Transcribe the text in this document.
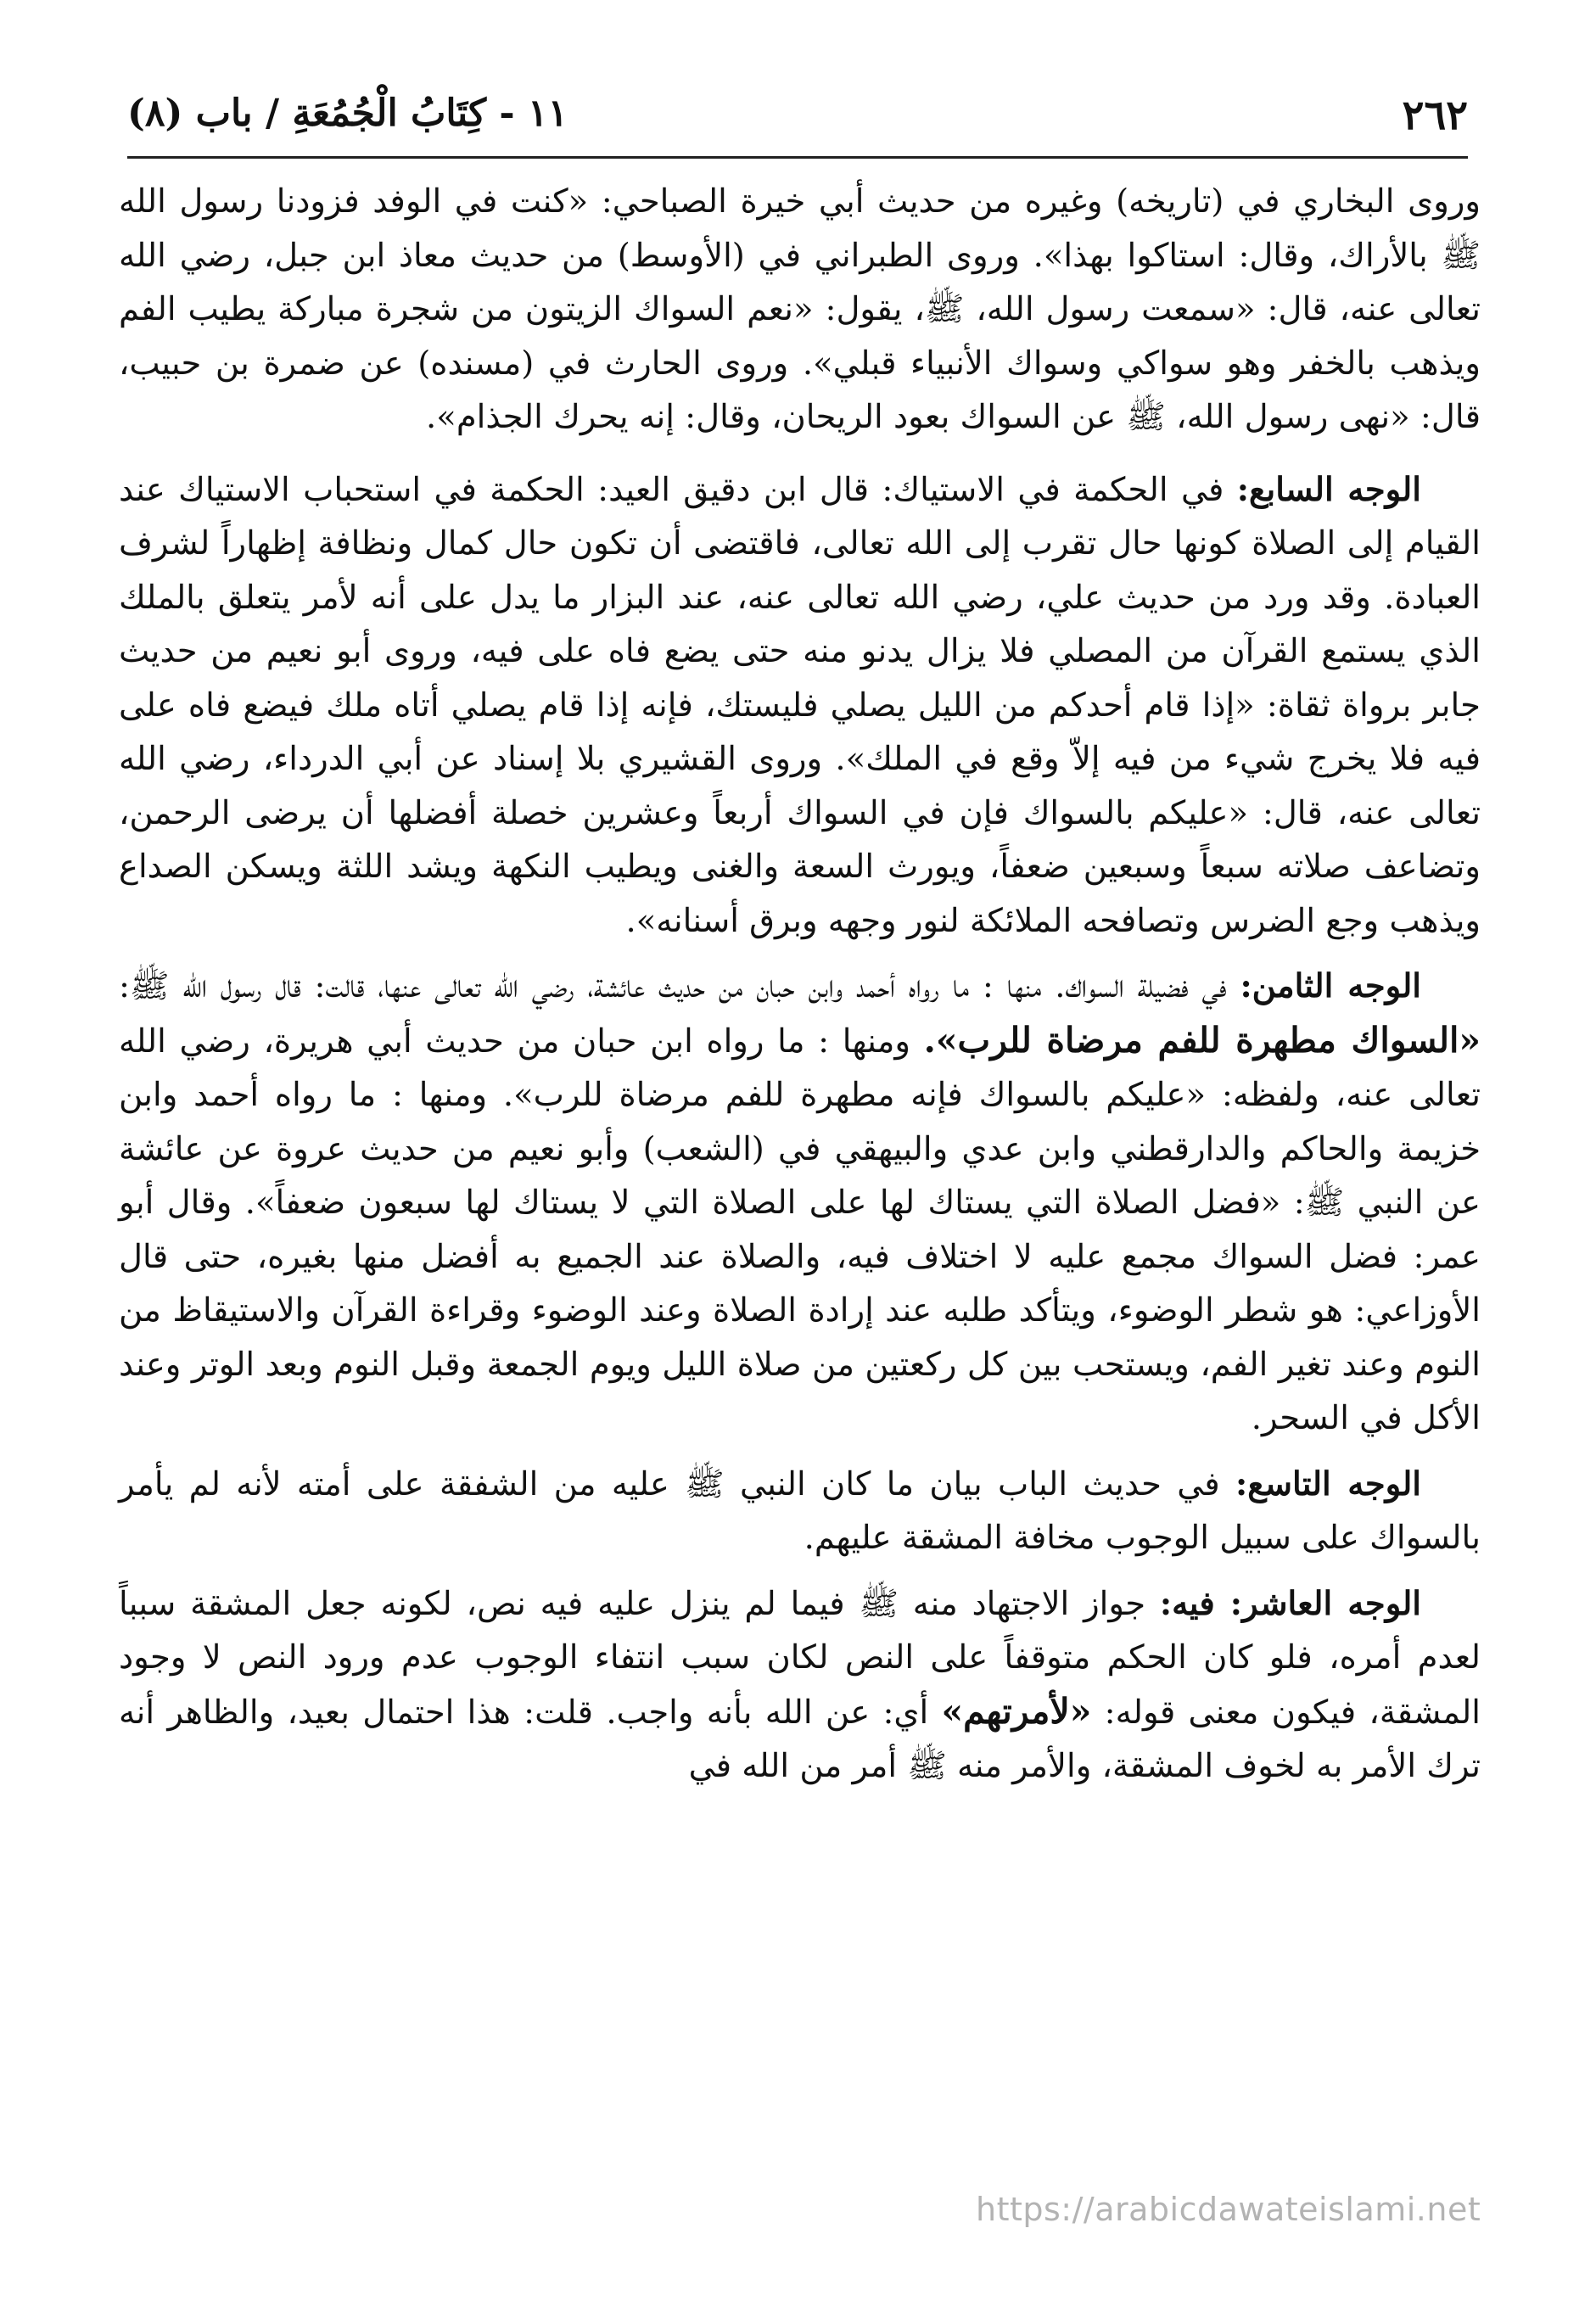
٢٦٢
١١ - كِتَابُ الْجُمُعَةِ / باب (٨)

وروى البخاري في (تاريخه) وغيره من حديث أبي خيرة الصباحي: «كنت في الوفد فزودنا رسول الله ﷺ بالأراك، وقال: استاكوا بهذا». وروى الطبراني في (الأوسط) من حديث معاذ ابن جبل، رضي الله تعالى عنه، قال: «سمعت رسول الله، ﷺ، يقول: «نعم السواك الزيتون من شجرة مباركة يطيب الفم ويذهب بالخفر وهو سواكي وسواك الأنبياء قبلي». وروى الحارث في (مسنده) عن ضمرة بن حبيب، قال: «نهى رسول الله، ﷺ عن السواك بعود الريحان، وقال: إنه يحرك الجذام».

الوجه السابع: في الحكمة في الاستياك: قال ابن دقيق العيد: الحكمة في استحباب الاستياك عند القيام إلى الصلاة كونها حال تقرب إلى الله تعالى، فاقتضى أن تكون حال كمال ونظافة إظهاراً لشرف العبادة. وقد ورد من حديث علي، رضي الله تعالى عنه، عند البزار ما يدل على أنه لأمر يتعلق بالملك الذي يستمع القرآن من المصلي فلا يزال يدنو منه حتى يضع فاه على فيه، وروى أبو نعيم من حديث جابر برواة ثقاة: «إذا قام أحدكم من الليل يصلي فليستك، فإنه إذا قام يصلي أتاه ملك فيضع فاه على فيه فلا يخرج شيء من فيه إلاّ وقع في الملك». وروى القشيري بلا إسناد عن أبي الدرداء، رضي الله تعالى عنه، قال: «عليكم بالسواك فإن في السواك أربعاً وعشرين خصلة أفضلها أن يرضى الرحمن، وتضاعف صلاته سبعاً وسبعين ضعفاً، ويورث السعة والغنى ويطيب النكهة ويشد اللثة ويسكن الصداع ويذهب وجع الضرس وتصافحه الملائكة لنور وجهه وبرق أسنانه».

الوجه الثامن: في فضيلة السواك. منها : ما رواه أحمد وابن حبان من حديث عائشة، رضي الله تعالى عنها، قالت: قال رسول الله ﷺ: «السواك مطهرة للفم مرضاة للرب». ومنها : ما رواه ابن حبان من حديث أبي هريرة، رضي الله تعالى عنه، ولفظه: «عليكم بالسواك فإنه مطهرة للفم مرضاة للرب». ومنها : ما رواه أحمد وابن خزيمة والحاكم والدارقطني وابن عدي والبيهقي في (الشعب) وأبو نعيم من حديث عروة عن عائشة عن النبي ﷺ: «فضل الصلاة التي يستاك لها على الصلاة التي لا يستاك لها سبعون ضعفاً». وقال أبو عمر: فضل السواك مجمع عليه لا اختلاف فيه، والصلاة عند الجميع به أفضل منها بغيره، حتى قال الأوزاعي: هو شطر الوضوء، ويتأكد طلبه عند إرادة الصلاة وعند الوضوء وقراءة القرآن والاستيقاظ من النوم وعند تغير الفم، ويستحب بين كل ركعتين من صلاة الليل ويوم الجمعة وقبل النوم وبعد الوتر وعند الأكل في السحر.

الوجه التاسع: في حديث الباب بيان ما كان النبي ﷺ عليه من الشفقة على أمته لأنه لم يأمر بالسواك على سبيل الوجوب مخافة المشقة عليهم.

الوجه العاشر: فيه: جواز الاجتهاد منه ﷺ فيما لم ينزل عليه فيه نص، لكونه جعل المشقة سبباً لعدم أمره، فلو كان الحكم متوقفاً على النص لكان سبب انتفاء الوجوب عدم ورود النص لا وجود المشقة، فيكون معنى قوله: «لأمرتهم» أي: عن الله بأنه واجب. قلت: هذا احتمال بعيد، والظاهر أنه ترك الأمر به لخوف المشقة، والأمر منه ﷺ أمر من الله في

https://arabicdawateislami.net
